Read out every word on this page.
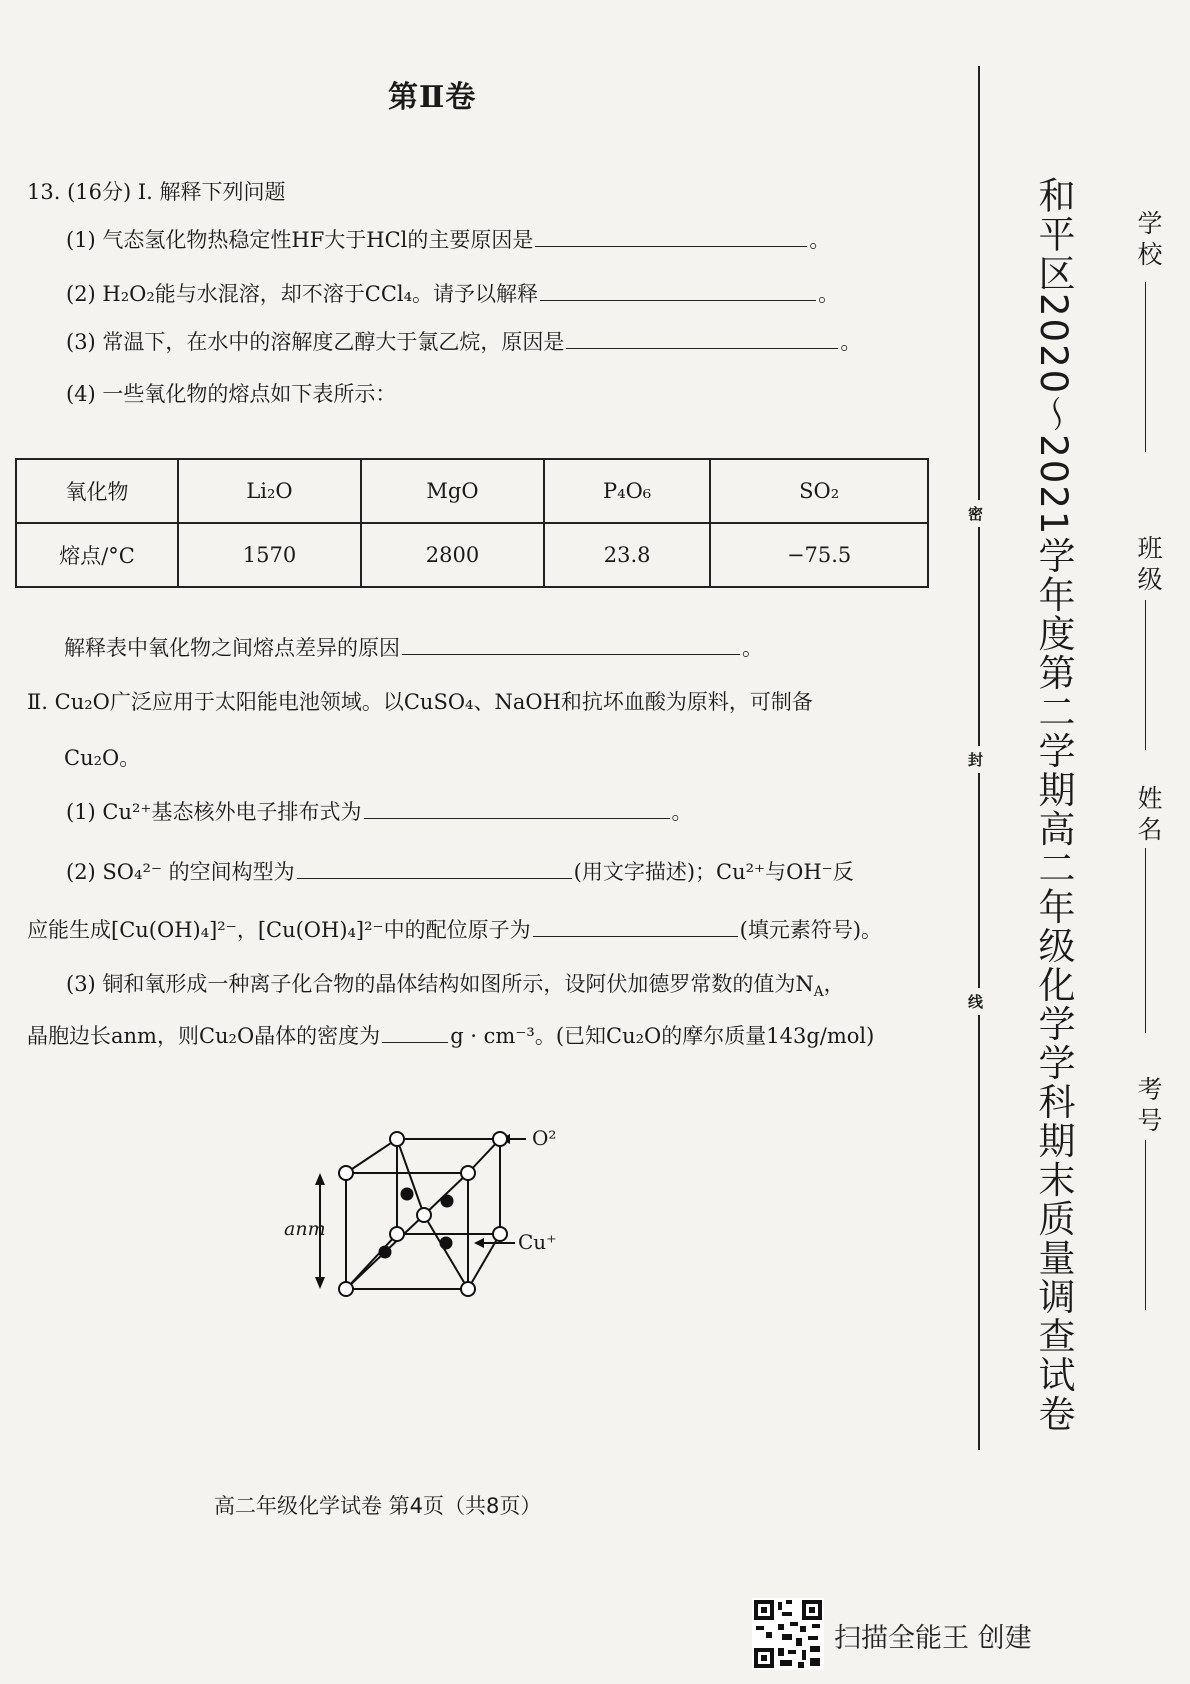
第Ⅱ卷
13. (16分) Ⅰ. 解释下列问题
(1) 气态氢化物热稳定性HF大于HCl的主要原因是	。
(2) H₂O₂能与水混溶，却不溶于CCl₄。请予以解释	。
(3) 常温下，在水中的溶解度乙醇大于氯乙烷，原因是	。
(4) 一些氧化物的熔点如下表所示：
氧化物	Li₂O	MgO	P₄O₆	SO₂
熔点/°C	1570	2800	23.8	−75.5
解释表中氧化物之间熔点差异的原因	。
Ⅱ. Cu₂O广泛应用于太阳能电池领域。以CuSO₄、NaOH和抗坏血酸为原料，可制备
Cu₂O。
(1) Cu²⁺基态核外电子排布式为	。
(2) SO₄²⁻ 的空间构型为	(用文字描述)；Cu²⁺与OH⁻反
应能生成[Cu(OH)₄]²⁻，[Cu(OH)₄]²⁻中的配位原子为	(填元素符号)。
(3) 铜和氧形成一种离子化合物的晶体结构如图所示，设阿伏加德罗常数的值为$N_A$，
晶胞边长anm，则Cu₂O晶体的密度为	g · cm⁻³。(已知Cu₂O的摩尔质量143g/mol)
O²
Cu⁺
anm
高二年级化学试卷 第4页（共8页）
密
封
线 和平区2020～2021学年度第二学期高二年级化学学科期末质量调查试卷 学校
班级
姓名
考号
扫描全能王 创建
